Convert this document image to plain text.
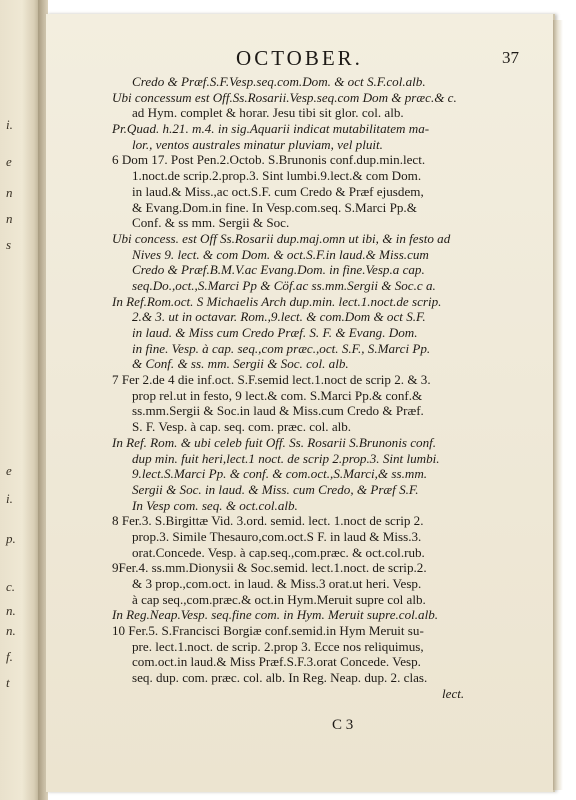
i.
e
n
n
s
e
i.
p.
c.
n.
n.
f.
t
OCTOBER.	37
Credo & Præf.S.F.Vesp.seq.com.Dom. & oct S.F.col.alb.
Ubi concessum est Off.Ss.Rosarii.Vesp.seq.com Dom & præc.& c.
ad Hym. complet & horar. Jesu tibi sit glor. col. alb.
Pr.Quad. h.21. m.4. in sig.Aquarii indicat mutabilitatem ma-
lor., ventos australes minatur pluviam, vel pluit.
6 Dom 17. Post Pen.2.Octob. S.Brunonis conf.dup.min.lect.
1.noct.de scrip.2.prop.3. Sint lumbi.9.lect.& com Dom.
in laud.& Miss.,ac oct.S.F. cum Credo & Præf ejusdem,
& Evang.Dom.in fine. In Vesp.com.seq. S.Marci Pp.&
Conf. & ss mm. Sergii & Soc.
Ubi concess. est Off Ss.Rosarii dup.maj.omn ut ibi, & in festo ad
Nives 9. lect. & com Dom. & oct.S.F.in laud.& Miss.cum
Credo & Præf.B.M.V.ac Evang.Dom. in fine.Vesp.a cap.
seq.Do.,oct.,S.Marci Pp & Cöf.ac ss.mm.Sergii & Soc.c a.
In Ref.Rom.oct. S Michaelis Arch dup.min. lect.1.noct.de scrip.
2.& 3. ut in octavar. Rom.,9.lect. & com.Dom & oct S.F.
in laud. & Miss cum Credo Præf. S. F. & Evang. Dom.
in fine. Vesp. à cap. seq.,com præc.,oct. S.F., S.Marci Pp.
& Conf. & ss. mm. Sergii & Soc. col. alb.
7 Fer 2.de 4 die inf.oct. S.F.semid lect.1.noct de scrip 2. & 3.
prop rel.ut in festo, 9 lect.& com. S.Marci Pp.& conf.&
ss.mm.Sergii & Soc.in laud & Miss.cum Credo & Præf.
S. F. Vesp. à cap. seq. com. præc. col. alb.
In Ref. Rom. & ubi celeb fuit Off. Ss. Rosarii S.Brunonis conf.
dup min. fuit heri,lect.1 noct. de scrip 2.prop.3. Sint lumbi.
9.lect.S.Marci Pp. & conf. & com.oct.,S.Marci,& ss.mm.
Sergii & Soc. in laud. & Miss. cum Credo, & Præf S.F.
In Vesp com. seq. & oct.col.alb.
8 Fer.3. S.Birgittæ Vid. 3.ord. semid. lect. 1.noct de scrip 2.
prop.3. Simile Thesauro,com.oct.S F. in laud & Miss.3.
orat.Concede. Vesp. à cap.seq.,com.præc. & oct.col.rub.
9Fer.4. ss.mm.Dionysii & Soc.semid. lect.1.noct. de scrip.2.
& 3 prop.,com.oct. in laud. & Miss.3 orat.ut heri. Vesp.
à cap seq.,com.præc.& oct.in Hym.Meruit supre col alb.
In Reg.Neap.Vesp. seq.fine com. in Hym. Meruit supre.col.alb.
10 Fer.5. S.Francisci Borgiæ conf.semid.in Hym Meruit su-
pre. lect.1.noct. de scrip. 2.prop 3. Ecce nos reliquimus,
com.oct.in laud.& Miss Præf.S.F.3.orat Concede. Vesp.
seq. dup. com. præc. col. alb. In Reg. Neap. dup. 2. clas.
lect.
C 3
